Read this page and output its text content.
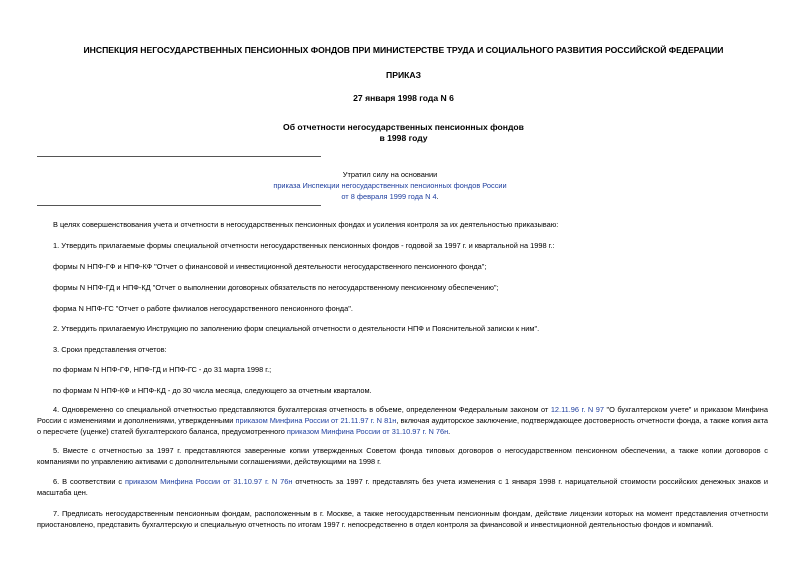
ИНСПЕКЦИЯ НЕГОСУДАРСТВЕННЫХ ПЕНСИОННЫХ ФОНДОВ ПРИ МИНИСТЕРСТВЕ ТРУДА И СОЦИАЛЬНОГО РАЗВИТИЯ РОССИЙСКОЙ ФЕДЕРАЦИИ
ПРИКАЗ
27 января 1998 года N 6
Об отчетности негосударственных пенсионных фондов
в 1998 году
Утратил силу на основании
приказа Инспекции негосударственных пенсионных фондов России
от 8 февраля 1999 года N 4.
В целях совершенствования учета и отчетности в негосударственных пенсионных фондах и усиления контроля за их деятельностью приказываю:
1. Утвердить прилагаемые формы специальной отчетности негосударственных пенсионных фондов - годовой за 1997 г. и квартальной на 1998 г.:
формы N НПФ-ГФ и НПФ-КФ "Отчет о финансовой и инвестиционной деятельности негосударственного пенсионного фонда";
формы N НПФ-ГД и НПФ-КД "Отчет о выполнении договорных обязательств по негосударственному пенсионному обеспечению";
форма N НПФ-ГС "Отчет о работе филиалов негосударственного пенсионного фонда".
2. Утвердить прилагаемую Инструкцию по заполнению форм специальной отчетности о деятельности НПФ и Пояснительной записки к ним".
3. Сроки представления отчетов:
по формам N НПФ-ГФ, НПФ-ГД и НПФ-ГС - до 31 марта 1998 г.;
по формам N НПФ-КФ и НПФ-КД - до 30 числа месяца, следующего за отчетным кварталом.
4. Одновременно со специальной отчетностью представляются бухгалтерская отчетность в объеме, определенном Федеральным законом от 12.11.96 г. N 97 "О бухгалтерском учете" и приказом Минфина России с изменениями и дополнениями, утвержденными приказом Минфина России от 21.11.97 г. N 81н, включая аудиторское заключение, подтверждающее достоверность отчетности фонда, а также копия акта о пересчете (уценке) статей бухгалтерского баланса, предусмотренного приказом Минфина России от 31.10.97 г. N 76н.
5. Вместе с отчетностью за 1997 г. представляются заверенные копии утвержденных Советом фонда типовых договоров о негосударственном пенсионном обеспечении, а также копии договоров с компаниями по управлению активами с дополнительными соглашениями, действующими на 1998 г.
6. В соответствии с приказом Минфина России от 31.10.97 г. N 76н отчетность за 1997 г. представлять без учета изменения с 1 января 1998 г. нарицательной стоимости российских денежных знаков и масштаба цен.
7. Предписать негосударственным пенсионным фондам, расположенным в г. Москве, а также негосударственным пенсионным фондам, действие лицензии которых на момент представления отчетности приостановлено, представить бухгалтерскую и специальную отчетность по итогам 1997 г. непосредственно в отдел контроля за финансовой и инвестиционной деятельностью фондов и компаний.
